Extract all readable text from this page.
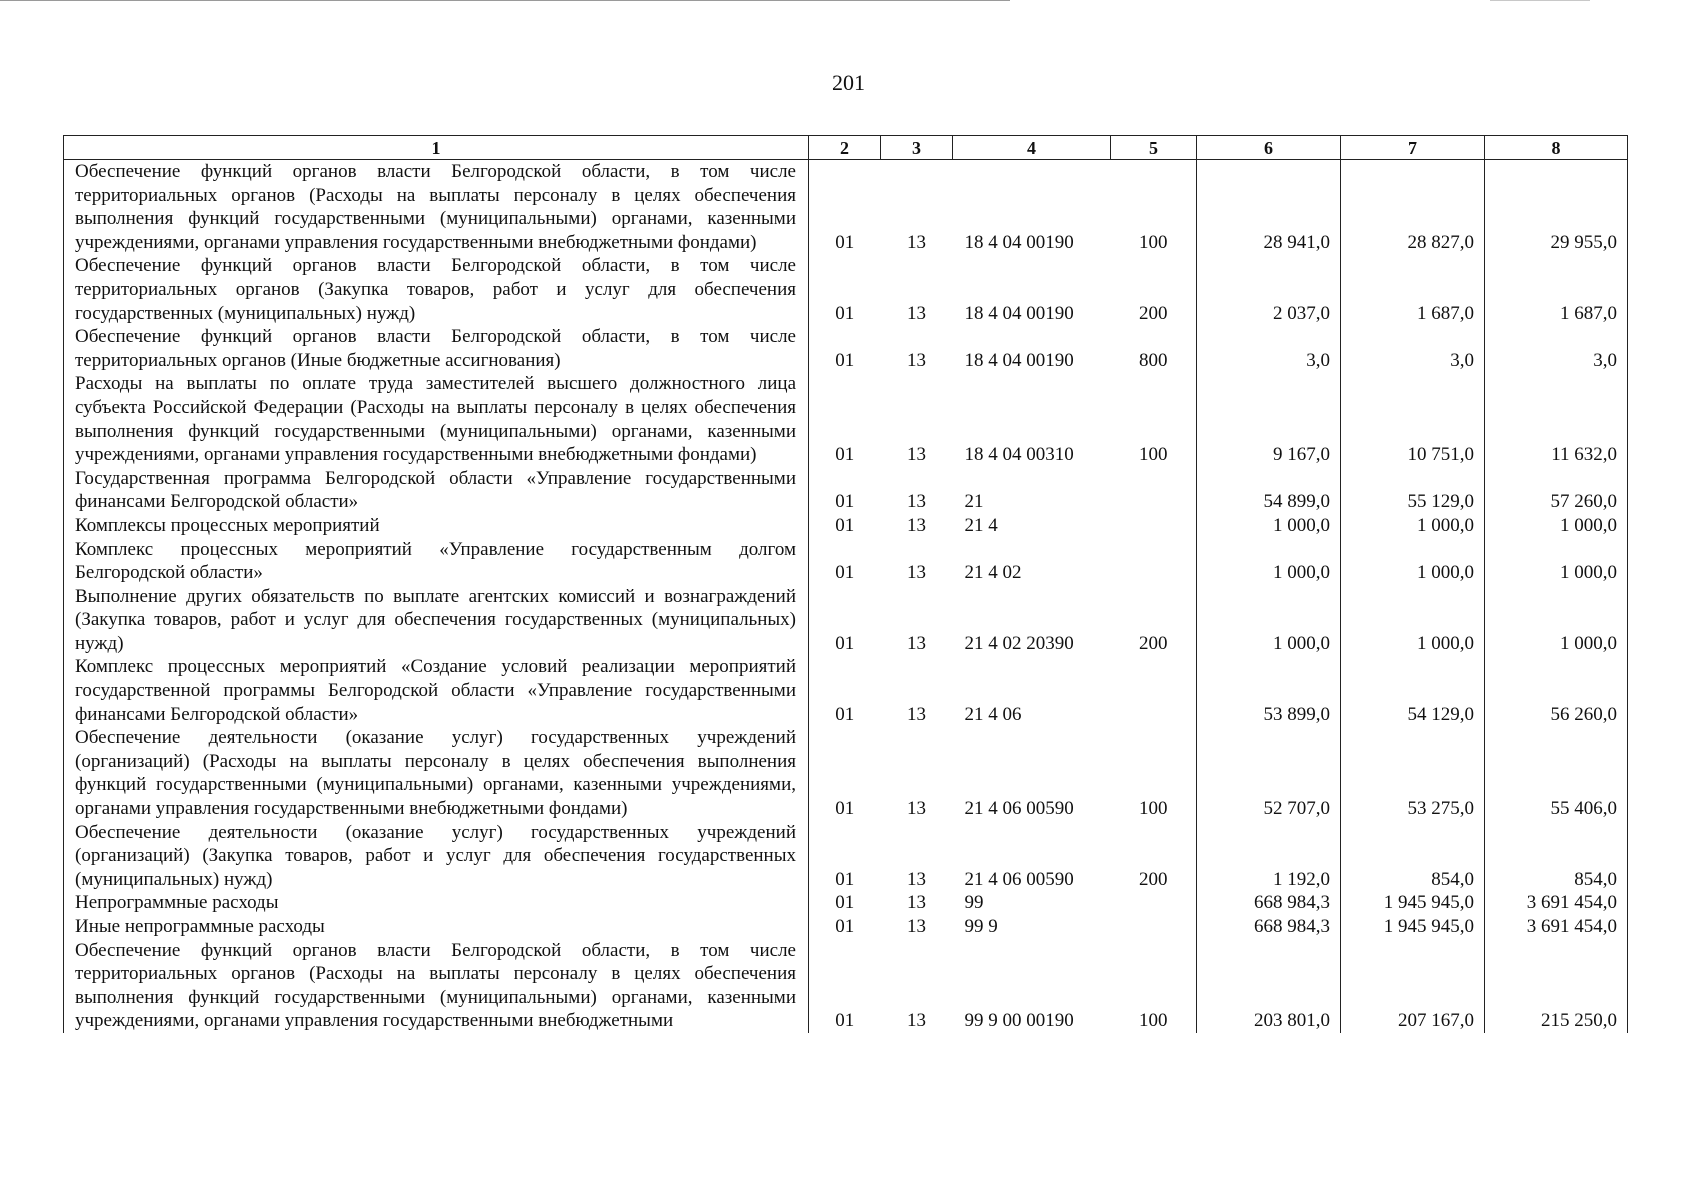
201
1	2	3	4	5	6	7	8
Обеспечение функций органов власти Белгородской области, в том числе территориальных органов (Расходы на выплаты персоналу в целях обеспечения выполнения функций государственными (муниципальными) органами, казенными учреждениями, органами управления государственными внебюджетными фондами)	01	13	18 4 04 00190	100	28 941,0	28 827,0	29 955,0
Обеспечение функций органов власти Белгородской области, в том числе территориальных органов (Закупка товаров, работ и услуг для обеспечения государственных (муниципальных) нужд)	01	13	18 4 04 00190	200	2 037,0	1 687,0	1 687,0
Обеспечение функций органов власти Белгородской области, в том числе территориальных органов (Иные бюджетные ассигнования)	01	13	18 4 04 00190	800	3,0	3,0	3,0
Расходы на выплаты по оплате труда заместителей высшего должностного лица субъекта Российской Федерации (Расходы на выплаты персоналу в целях обеспечения выполнения функций государственными (муниципальными) органами, казенными учреждениями, органами управления государственными внебюджетными фондами)	01	13	18 4 04 00310	100	9 167,0	10 751,0	11 632,0
Государственная программа Белгородской области «Управление государственными финансами Белгородской области»	01	13	21		54 899,0	55 129,0	57 260,0
Комплексы процессных мероприятий	01	13	21 4		1 000,0	1 000,0	1 000,0
Комплекс процессных мероприятий «Управление государственным долгом Белгородской области»	01	13	21 4 02		1 000,0	1 000,0	1 000,0
Выполнение других обязательств по выплате агентских комиссий и вознаграждений (Закупка товаров, работ и услуг для обеспечения государственных (муниципальных) нужд)	01	13	21 4 02 20390	200	1 000,0	1 000,0	1 000,0
Комплекс процессных мероприятий «Создание условий реализации мероприятий государственной программы Белгородской области «Управление государственными финансами Белгородской области»	01	13	21 4 06		53 899,0	54 129,0	56 260,0
Обеспечение деятельности (оказание услуг) государственных учреждений (организаций) (Расходы на выплаты персоналу в целях обеспечения выполнения функций государственными (муниципальными) органами, казенными учреждениями, органами управления государственными внебюджетными фондами)	01	13	21 4 06 00590	100	52 707,0	53 275,0	55 406,0
Обеспечение деятельности (оказание услуг) государственных учреждений (организаций) (Закупка товаров, работ и услуг для обеспечения государственных (муниципальных) нужд)	01	13	21 4 06 00590	200	1 192,0	854,0	854,0
Непрограммные расходы	01	13	99		668 984,3	1 945 945,0	3 691 454,0
Иные непрограммные расходы	01	13	99 9		668 984,3	1 945 945,0	3 691 454,0
Обеспечение функций органов власти Белгородской области, в том числе территориальных органов (Расходы на выплаты персоналу в целях обеспечения выполнения функций государственными (муниципальными) органами, казенными учреждениями, органами управления государственными внебюджетными	01	13	99 9 00 00190	100	203 801,0	207 167,0	215 250,0
